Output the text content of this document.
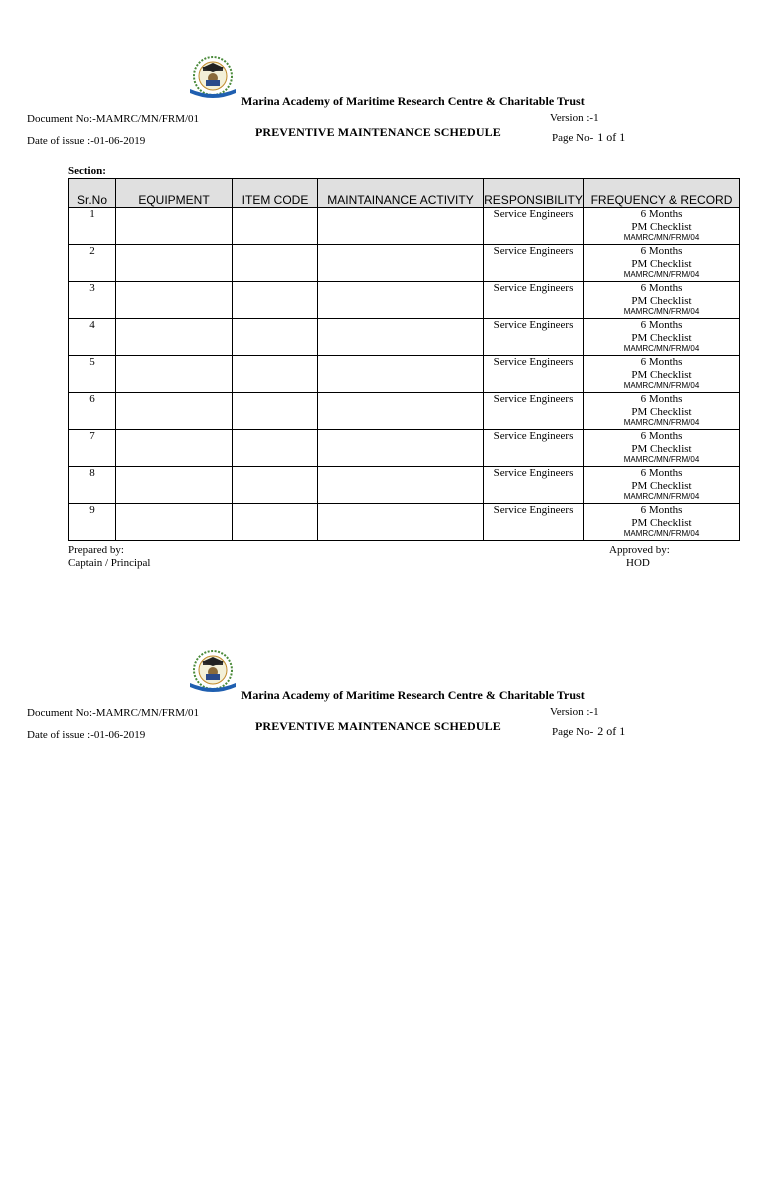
Marina Academy of Maritime Research Centre & Charitable Trust
Document No:-MAMRC/MN/FRM/01	Version :-1
PREVENTIVE MAINTENANCE SCHEDULE	Page No- 1 of 1
Date of issue :-01-06-2019
Section:
Sr.No	EQUIPMENT	ITEM CODE	MAINTAINANCE ACTIVITY	RESPONSIBILITY	FREQUENCY & RECORD
1				Service Engineers	6 Months
PM Checklist
MAMRC/MN/FRM/04

2				Service Engineers	6 Months
PM Checklist
MAMRC/MN/FRM/04

3				Service Engineers	6 Months
PM Checklist
MAMRC/MN/FRM/04

4				Service Engineers	6 Months
PM Checklist
MAMRC/MN/FRM/04

5				Service Engineers	6 Months
PM Checklist
MAMRC/MN/FRM/04

6				Service Engineers	6 Months
PM Checklist
MAMRC/MN/FRM/04

7				Service Engineers	6 Months
PM Checklist
MAMRC/MN/FRM/04

8				Service Engineers	6 Months
PM Checklist
MAMRC/MN/FRM/04

9				Service Engineers	6 Months
PM Checklist
MAMRC/MN/FRM/04
Prepared by:
Captain / Principal
Approved by:
HOD
Marina Academy of Maritime Research Centre & Charitable Trust
Document No:-MAMRC/MN/FRM/01	Version :-1
PREVENTIVE MAINTENANCE SCHEDULE	Page No- 2 of 1
Date of issue :-01-06-2019
